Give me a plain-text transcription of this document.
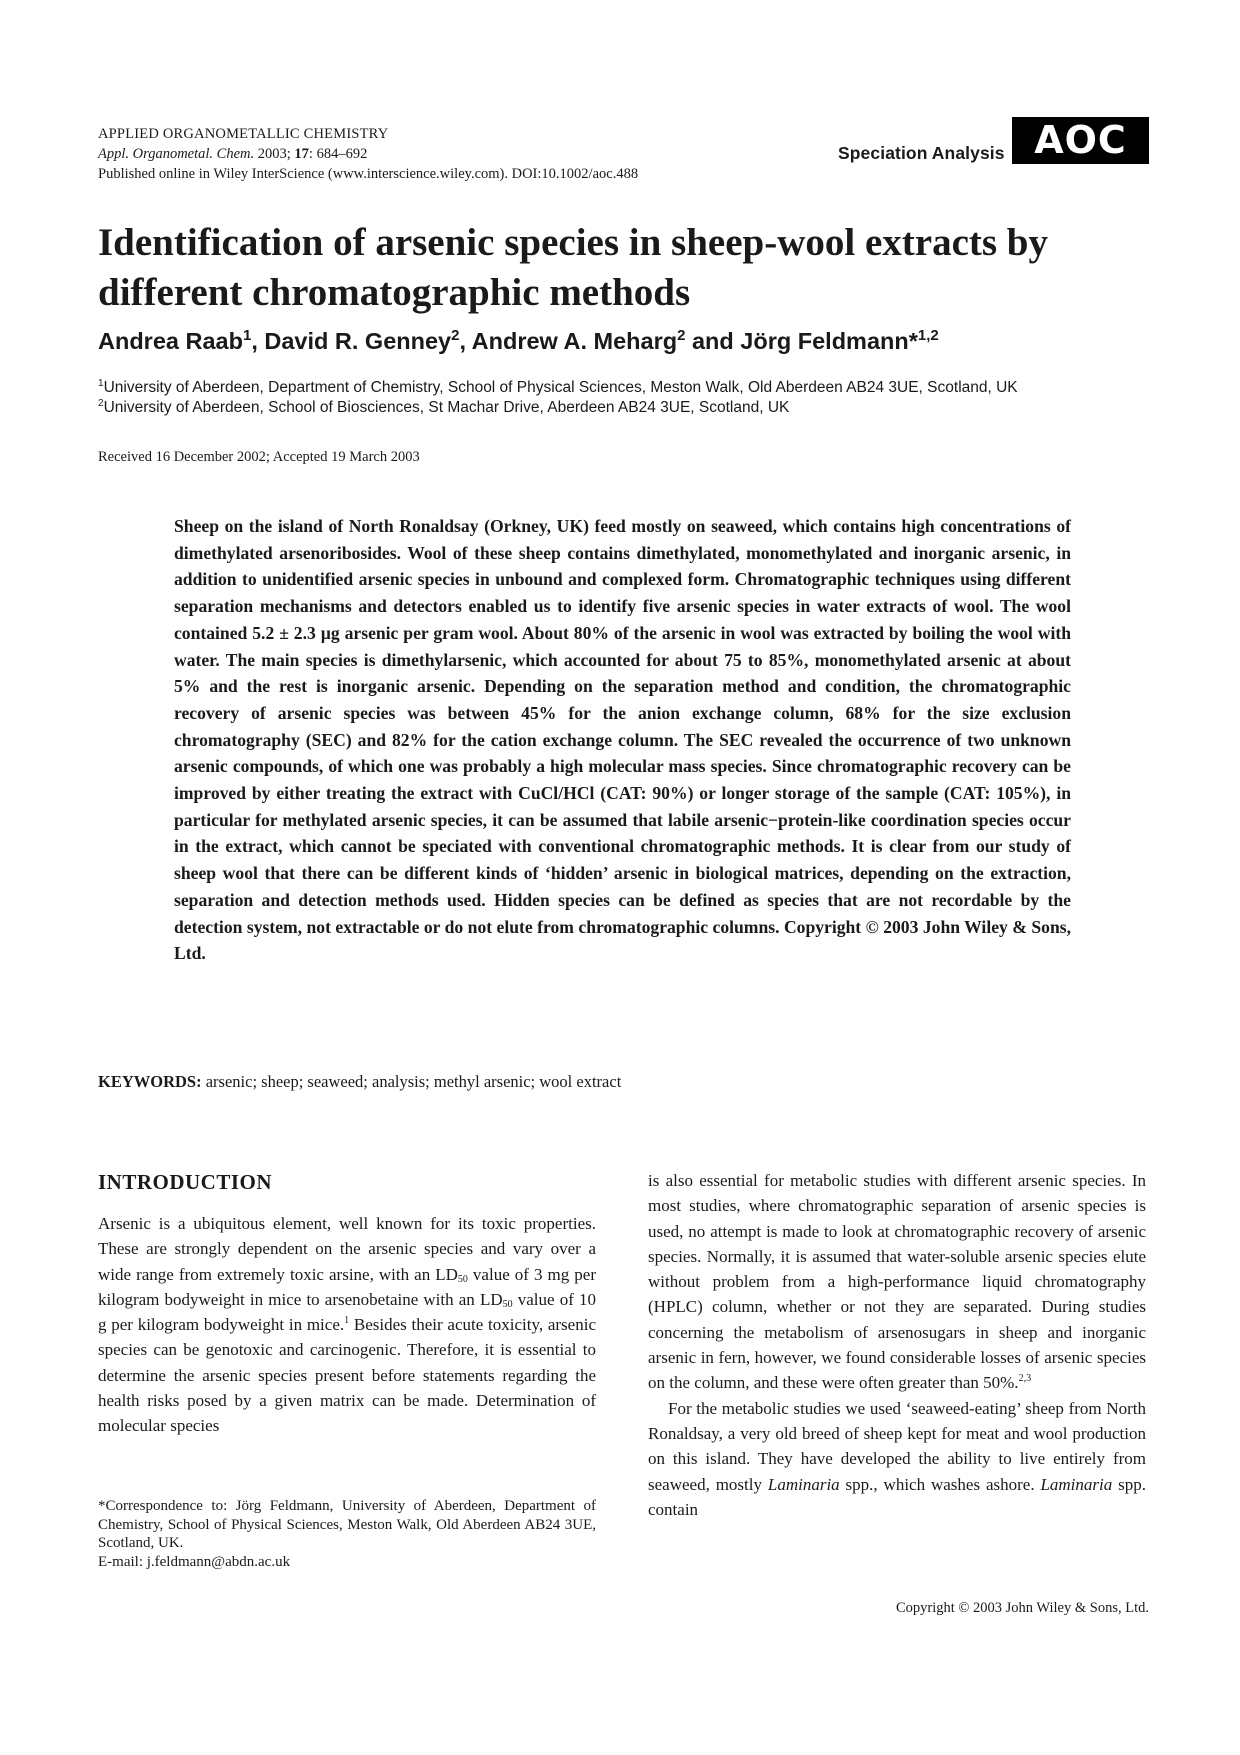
APPLIED ORGANOMETALLIC CHEMISTRY
Appl. Organometal. Chem. 2003; 17: 684–692
Published online in Wiley InterScience (www.interscience.wiley.com). DOI:10.1002/aoc.488
Speciation Analysis AOC
Identification of arsenic species in sheep-wool extracts by different chromatographic methods
Andrea Raab$^1$, David R. Genney$^2$, Andrew A. Meharg$^2$ and Jörg Feldmann*$^{1,2}$
$^1$University of Aberdeen, Department of Chemistry, School of Physical Sciences, Meston Walk, Old Aberdeen AB24 3UE, Scotland, UK
$^2$University of Aberdeen, School of Biosciences, St Machar Drive, Aberdeen AB24 3UE, Scotland, UK
Received 16 December 2002; Accepted 19 March 2003

Sheep on the island of North Ronaldsay (Orkney, UK) feed mostly on seaweed, which contains high concentrations of dimethylated arsenoribosides. Wool of these sheep contains dimethylated, monomethylated and inorganic arsenic, in addition to unidentified arsenic species in unbound and complexed form. Chromatographic techniques using different separation mechanisms and detectors enabled us to identify five arsenic species in water extracts of wool. The wool contained 5.2 ± 2.3 µg arsenic per gram wool. About 80% of the arsenic in wool was extracted by boiling the wool with water. The main species is dimethylarsenic, which accounted for about 75 to 85%, monomethylated arsenic at about 5% and the rest is inorganic arsenic. Depending on the separation method and condition, the chromatographic recovery of arsenic species was between 45% for the anion exchange column, 68% for the size exclusion chromatography (SEC) and 82% for the cation exchange column. The SEC revealed the occurrence of two unknown arsenic compounds, of which one was probably a high molecular mass species. Since chromatographic recovery can be improved by either treating the extract with CuCl/HCl (CAT: 90%) or longer storage of the sample (CAT: 105%), in particular for methylated arsenic species, it can be assumed that labile arsenic−protein-like coordination species occur in the extract, which cannot be speciated with conventional chromatographic methods. It is clear from our study of sheep wool that there can be different kinds of ‘hidden’ arsenic in biological matrices, depending on the extraction, separation and detection methods used. Hidden species can be defined as species that are not recordable by the detection system, not extractable or do not elute from chromatographic columns. Copyright © 2003 John Wiley & Sons, Ltd.

KEYWORDS: arsenic; sheep; seaweed; analysis; methyl arsenic; wool extract
INTRODUCTION

Arsenic is a ubiquitous element, well known for its toxic properties. These are strongly dependent on the arsenic species and vary over a wide range from extremely toxic arsine, with an $LD_{50}$ value of 3 mg per kilogram bodyweight in mice to arsenobetaine with an $LD_{50}$ value of 10 g per kilogram bodyweight in mice.$^1$ Besides their acute toxicity, arsenic species can be genotoxic and carcinogenic. Therefore, it is essential to determine the arsenic species present before statements regarding the health risks posed by a given matrix can be made. Determination of molecular species

is also essential for metabolic studies with different arsenic species. In most studies, where chromatographic separation of arsenic species is used, no attempt is made to look at chromatographic recovery of arsenic species. Normally, it is assumed that water-soluble arsenic species elute without problem from a high-performance liquid chromatography (HPLC) column, whether or not they are separated. During studies concerning the metabolism of arsenosugars in sheep and inorganic arsenic in fern, however, we found considerable losses of arsenic species on the column, and these were often greater than 50%.$^{2,3}$

For the metabolic studies we used ‘seaweed-eating’ sheep from North Ronaldsay, a very old breed of sheep kept for meat and wool production on this island. They have developed the ability to live entirely from seaweed, mostly Laminaria spp., which washes ashore. Laminaria spp. contain

*Correspondence to: Jörg Feldmann, University of Aberdeen, Department of Chemistry, School of Physical Sciences, Meston Walk, Old Aberdeen AB24 3UE, Scotland, UK.

E-mail: j.feldmann@abdn.ac.uk

Copyright © 2003 John Wiley & Sons, Ltd.
